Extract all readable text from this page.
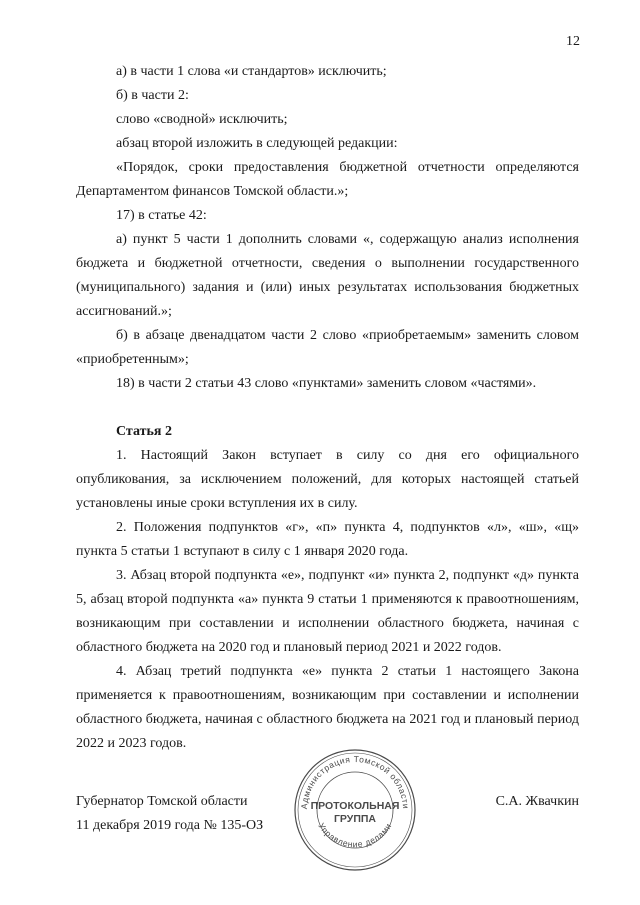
12

а) в части 1 слова «и стандартов» исключить;

б) в части 2:

слово «сводной» исключить;

абзац второй изложить в следующей редакции:

«Порядок, сроки предоставления бюджетной отчетности определяются Департаментом финансов Томской области.»;

17) в статье 42:

а) пункт 5 части 1 дополнить словами «, содержащую анализ исполнения бюджета и бюджетной отчетности, сведения о выполнении государственного (муниципального) задания и (или) иных результатах использования бюджетных ассигнований.»;

б) в абзаце двенадцатом части 2 слово «приобретаемым» заменить словом «приобретенным»;

18) в части 2 статьи 43 слово «пунктами» заменить словом «частями».

Статья 2

1. Настоящий Закон вступает в силу со дня его официального опубликования, за исключением положений, для которых настоящей статьей установлены иные сроки вступления их в силу.

2. Положения подпунктов «г», «п» пункта 4, подпунктов «л», «ш», «щ» пункта 5 статьи 1 вступают в силу с 1 января 2020 года.

3. Абзац второй подпункта «е», подпункт «и» пункта 2, подпункт «д» пункта 5, абзац второй подпункта «а» пункта 9 статьи 1 применяются к правоотношениям, возникающим при составлении и исполнении областного бюджета, начиная с областного бюджета на 2020 год и плановый период 2021 и 2022 годов.

4. Абзац третий подпункта «е» пункта 2 статьи 1 настоящего Закона применяется к правоотношениям, возникающим при составлении и исполнении областного бюджета, начиная с областного бюджета на 2021 год и плановый период 2022 и 2023 годов.

Губернатор Томской области
11 декабря 2019 года № 135-ОЗ
С.А. Жвачкин
Администрация Томской области
Управление делами
ПРОТОКОЛЬНАЯ
ГРУППА
